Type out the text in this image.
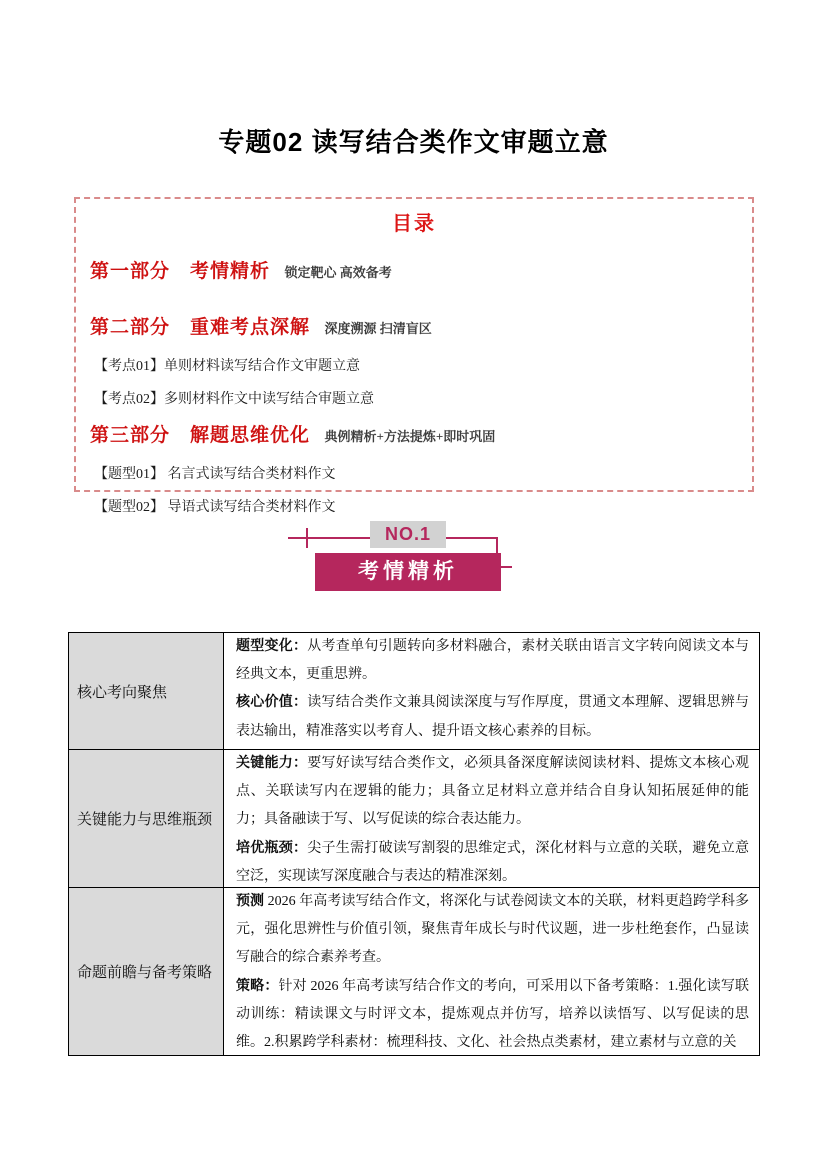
专题02 读写结合类作文审题立意
目录
第一部分　考情精析 锁定靶心 高效备考
第二部分　重难考点深解 深度溯源 扫清盲区
【考点01】单则材料读写结合作文审题立意
【考点02】多则材料作文中读写结合审题立意
第三部分　解题思维优化 典例精析+方法提炼+即时巩固
【题型01】 名言式读写结合类材料作文
【题型02】 导语式读写结合类材料作文
NO.1
考情精析
核心考向聚焦

题型变化：从考查单句引题转向多材料融合，素材关联由语言文字转向阅读文本与经典文本，更重思辨。

核心价值：读写结合类作文兼具阅读深度与写作厚度，贯通文本理解、逻辑思辨与表达输出，精准落实以考育人、提升语文核心素养的目标。

关键能力与思维瓶颈

关键能力：要写好读写结合类作文，必须具备深度解读阅读材料、提炼文本核心观点、关联读写内在逻辑的能力；具备立足材料立意并结合自身认知拓展延伸的能力；具备融读于写、以写促读的综合表达能力。

培优瓶颈：尖子生需打破读写割裂的思维定式，深化材料与立意的关联，避免立意空泛，实现读写深度融合与表达的精准深刻。

命题前瞻与备考策略

预测 2026 年高考读写结合作文，将深化与试卷阅读文本的关联，材料更趋跨学科多元，强化思辨性与价值引领，聚焦青年成长与时代议题，进一步杜绝套作，凸显读写融合的综合素养考查。

策略：针对 2026 年高考读写结合作文的考向，可采用以下备考策略：1.强化读写联动训练：精读课文与时评文本，提炼观点并仿写，培养以读悟写、以写促读的思维。2.积累跨学科素材：梳理科技、文化、社会热点类素材，建立素材与立意的关
